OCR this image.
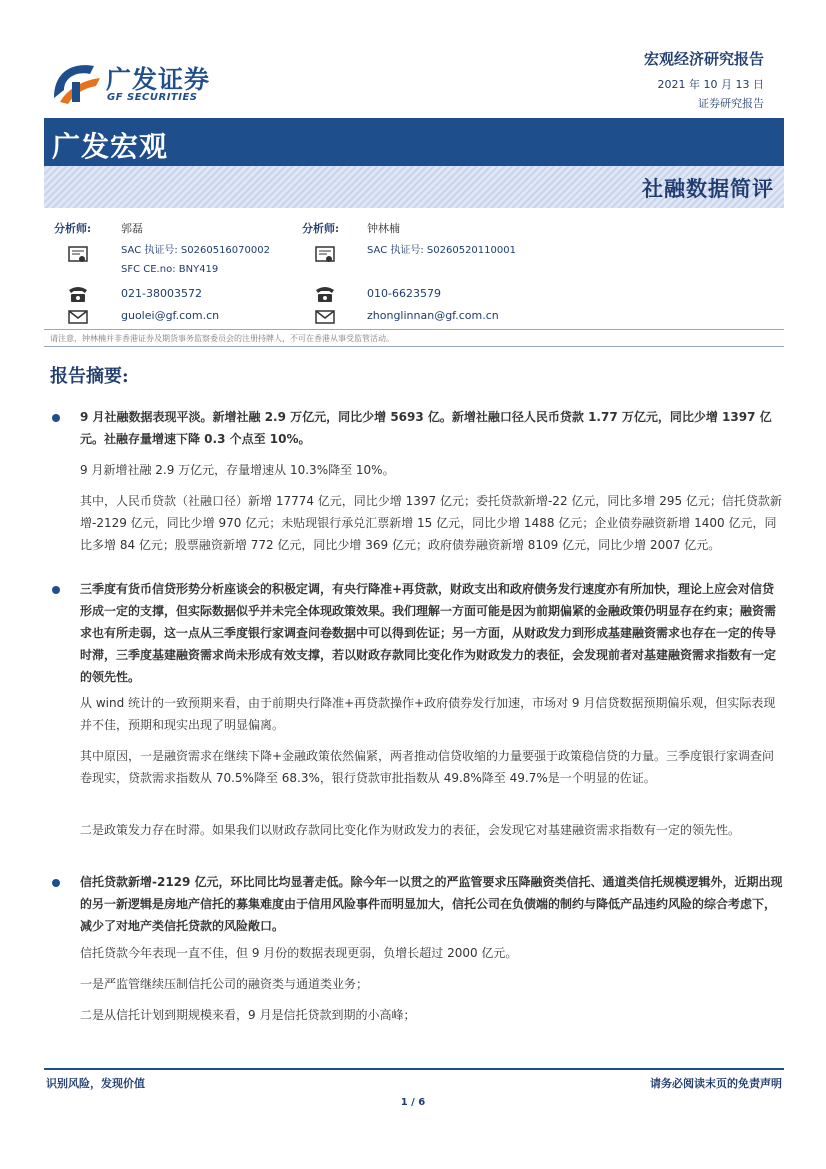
广发证券
GF SECURITIES
宏观经济研究报告
2021 年 10 月 13 日
证券研究报告
广发宏观
社融数据简评
分析师:	郭磊
SAC 执证号: S0260516070002
SFC CE.no: BNY419
021-38003572
guolei@gf.com.cn
分析师:	钟林楠
SAC 执证号: S0260520110001
010-6623579
zhonglinnan@gf.com.cn
请注意，钟林楠并非香港证券及期货事务监察委员会的注册持牌人，不可在香港从事受监管活动。
报告摘要:

9 月社融数据表现平淡。新增社融 2.9 万亿元，同比少增 5693 亿。新增社融口径人民币贷款 1.77 万亿元，同比少增 1397 亿元。社融存量增速下降 0.3 个点至 10%。

9 月新增社融 2.9 万亿元，存量增速从 10.3%降至 10%。

其中，人民币贷款（社融口径）新增 17774 亿元，同比少增 1397 亿元；委托贷款新增-22 亿元，同比多增 295 亿元；信托贷款新增-2129 亿元，同比少增 970 亿元；未贴现银行承兑汇票新增 15 亿元，同比少增 1488 亿元；企业债券融资新增 1400 亿元，同比多增 84 亿元；股票融资新增 772 亿元，同比少增 369 亿元；政府债券融资新增 8109 亿元，同比少增 2007 亿元。

三季度有货币信贷形势分析座谈会的积极定调，有央行降准+再贷款，财政支出和政府债务发行速度亦有所加快，理论上应会对信贷形成一定的支撑，但实际数据似乎并未完全体现政策效果。我们理解一方面可能是因为前期偏紧的金融政策仍明显存在约束；融资需求也有所走弱，这一点从三季度银行家调查问卷数据中可以得到佐证；另一方面，从财政发力到形成基建融资需求也存在一定的传导时滞，三季度基建融资需求尚未形成有效支撑，若以财政存款同比变化作为财政发力的表征，会发现前者对基建融资需求指数有一定的领先性。

从 wind 统计的一致预期来看，由于前期央行降准+再贷款操作+政府债券发行加速，市场对 9 月信贷数据预期偏乐观，但实际表现并不佳，预期和现实出现了明显偏离。

其中原因，一是融资需求在继续下降+金融政策依然偏紧，两者推动信贷收缩的力量要强于政策稳信贷的力量。三季度银行家调查问卷现实，贷款需求指数从 70.5%降至 68.3%，银行贷款审批指数从 49.8%降至 49.7%是一个明显的佐证。

二是政策发力存在时滞。如果我们以财政存款同比变化作为财政发力的表征，会发现它对基建融资需求指数有一定的领先性。

信托贷款新增-2129 亿元，环比同比均显著走低。除今年一以贯之的严监管要求压降融资类信托、通道类信托规模逻辑外，近期出现的另一新逻辑是房地产信托的募集难度由于信用风险事件而明显加大，信托公司在负债端的制约与降低产品违约风险的综合考虑下，减少了对地产类信托贷款的风险敞口。

信托贷款今年表现一直不佳，但 9 月份的数据表现更弱，负增长超过 2000 亿元。

一是严监管继续压制信托公司的融资类与通道类业务；

二是从信托计划到期规模来看，9 月是信托贷款到期的小高峰；

识别风险，发现价值	请务必阅读末页的免责声明
1 / 6
